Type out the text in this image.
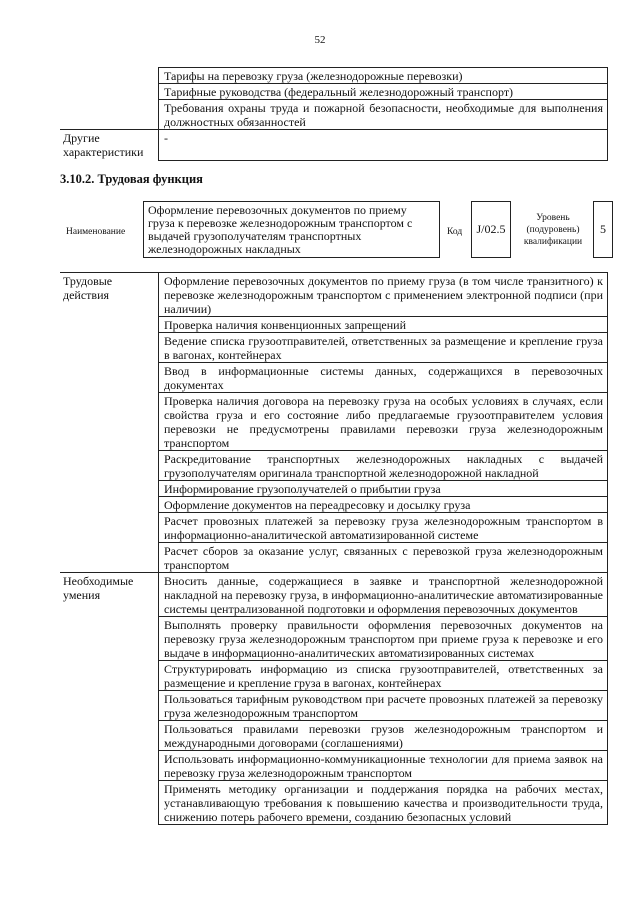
52
	Тарифы на перевозку груза (железнодорожные перевозки)
	Тарифные руководства (федеральный железнодорожный транспорт)
	Требования охраны труда и пожарной безопасности, необходимые для выполнения должностных обязанностей
Другие характеристики	-
3.10.2. Трудовая функция
Наименование
Оформление перевозочных документов по приему груза к перевозке железнодорожным транспортом с выдачей грузополучателям транспортных железнодорожных накладных
Код	J/02.5
Уровень (подуровень) квалификации
5
Трудовые действия	Оформление перевозочных документов по приему груза (в том числе транзитного) к перевозке железнодорожным транспортом с применением электронной подписи (при наличии)
	Проверка наличия конвенционных запрещений
	Ведение списка грузоотправителей, ответственных за размещение и крепление груза в вагонах, контейнерах
	Ввод в информационные системы данных, содержащихся в перевозочных документах
	Проверка наличия договора на перевозку груза на особых условиях в случаях, если свойства груза и его состояние либо предлагаемые грузоотправителем условия перевозки не предусмотрены правилами перевозки груза железнодорожным транспортом
	Раскредитование транспортных железнодорожных накладных с выдачей грузополучателям оригинала транспортной железнодорожной накладной
	Информирование грузополучателей о прибытии груза
	Оформление документов на переадресовку и досылку груза
	Расчет провозных платежей за перевозку груза железнодорожным транспортом в информационно-аналитической автоматизированной системе
	Расчет сборов за оказание услуг, связанных с перевозкой груза железнодорожным транспортом
Необходимые умения	Вносить данные, содержащиеся в заявке и транспортной железнодорожной накладной на перевозку груза, в информационно-аналитические автоматизированные системы централизованной подготовки и оформления перевозочных документов
	Выполнять проверку правильности оформления перевозочных документов на перевозку груза железнодорожным транспортом при приеме груза к перевозке и его выдаче в информационно-аналитических автоматизированных системах
	Структурировать информацию из списка грузоотправителей, ответственных за размещение и крепление груза в вагонах, контейнерах
	Пользоваться тарифным руководством при расчете провозных платежей за перевозку груза железнодорожным транспортом
	Пользоваться правилами перевозки грузов железнодорожным транспортом и международными договорами (соглашениями)
	Использовать информационно-коммуникационные технологии для приема заявок на перевозку груза железнодорожным транспортом
	Применять методику организации и поддержания порядка на рабочих местах, устанавливающую требования к повышению качества и производительности труда, снижению потерь рабочего времени, созданию безопасных условий
